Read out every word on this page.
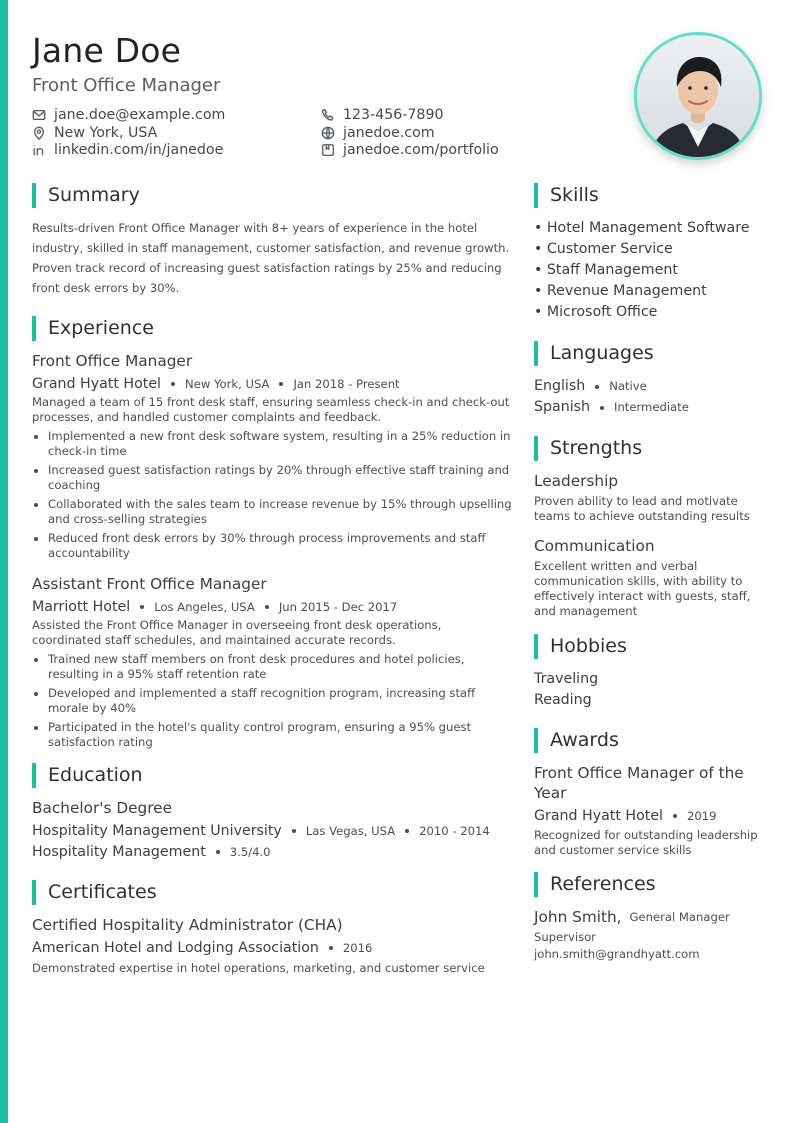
Jane Doe
Front Office Manager
jane.doe@example.com	123-456-7890
New York, USA	janedoe.com
linkedin.com/in/janedoe	janedoe.com/portfolio
Summary

Results-driven Front Office Manager with 8+ years of experience in the hotel industry, skilled in staff management, customer satisfaction, and revenue growth. Proven track record of increasing guest satisfaction ratings by 25% and reducing front desk errors by 30%.

Experience
Front Office Manager
Grand Hyatt Hotel New York, USA Jan 2018 - Present

Managed a team of 15 front desk staff, ensuring seamless check-in and check-out processes, and handled customer complaints and feedback.

Implemented a new front desk software system, resulting in a 25% reduction in check-in time
Increased guest satisfaction ratings by 20% through effective staff training and coaching
Collaborated with the sales team to increase revenue by 15% through upselling and cross-selling strategies
Reduced front desk errors by 30% through process improvements and staff accountability
Assistant Front Office Manager
Marriott Hotel Los Angeles, USA Jun 2015 - Dec 2017

Assisted the Front Office Manager in overseeing front desk operations, coordinated staff schedules, and maintained accurate records.

Trained new staff members on front desk procedures and hotel policies, resulting in a 95% staff retention rate
Developed and implemented a staff recognition program, increasing staff morale by 40%
Participated in the hotel's quality control program, ensuring a 95% guest satisfaction rating
Education
Bachelor's Degree
Hospitality Management University Las Vegas, USA 2010 - 2014
Hospitality Management 3.5/4.0
Certificates
Certified Hospitality Administrator (CHA)
American Hotel and Lodging Association 2016

Demonstrated expertise in hotel operations, marketing, and customer service

Skills
• Hotel Management Software
• Customer Service
• Staff Management
• Revenue Management
• Microsoft Office
Languages
English Native
Spanish Intermediate
Strengths
Leadership

Proven ability to lead and motivate teams to achieve outstanding results

Communication

Excellent written and verbal communication skills, with ability to effectively interact with guests, staff, and management

Hobbies
Traveling
Reading
Awards
Front Office Manager of the Year
Grand Hyatt Hotel 2019

Recognized for outstanding leadership and customer service skills

References
John Smith, General Manager
Supervisor
john.smith@grandhyatt.com
